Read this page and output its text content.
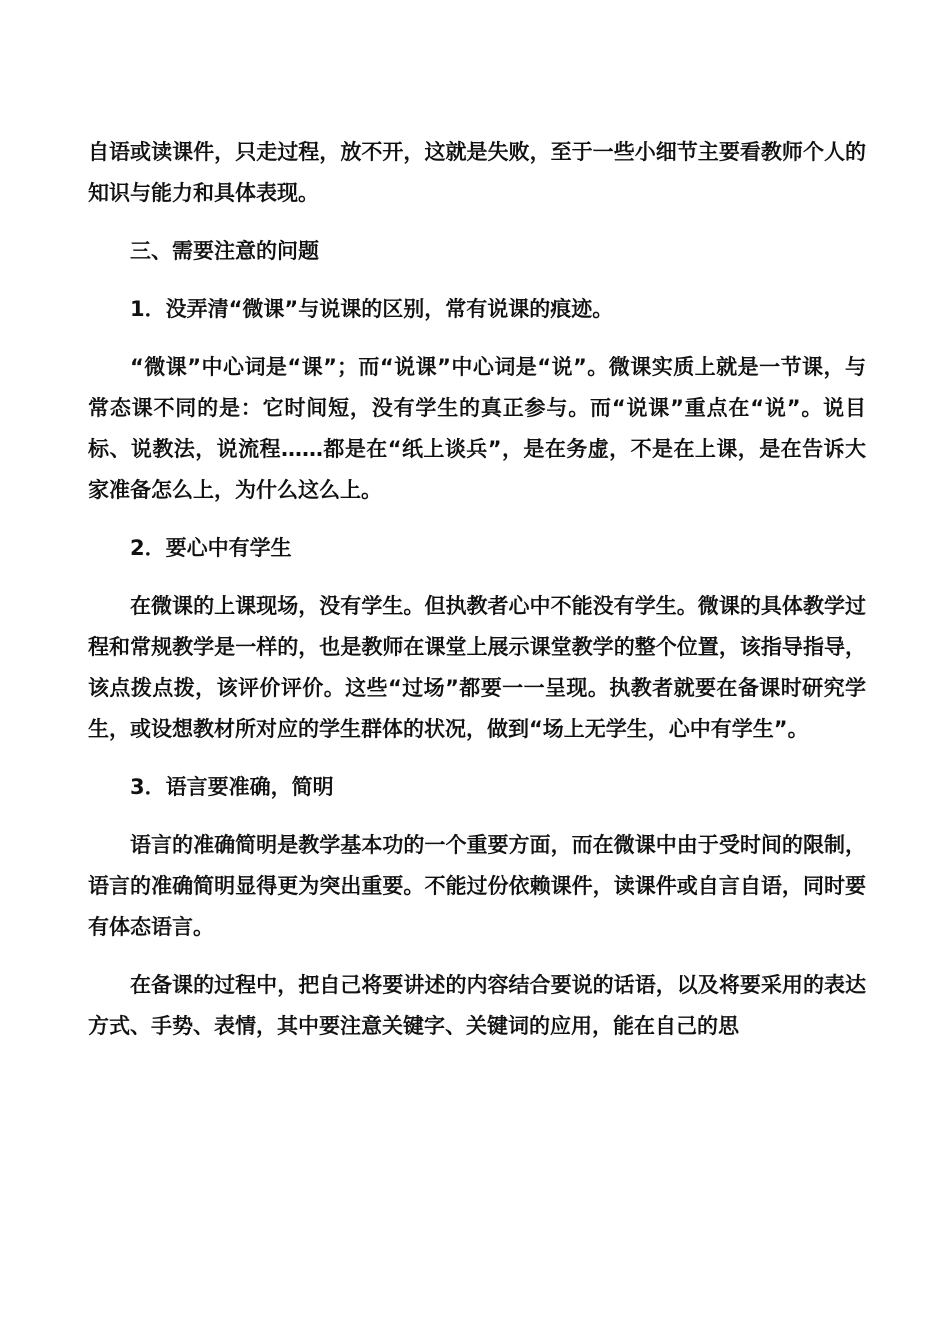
自语或读课件，只走过程，放不开，这就是失败，至于一些小细节主要看教师个人的知识与能力和具体表现。

三、需要注意的问题

1．没弄清“微课”与说课的区别，常有说课的痕迹。

“微课”中心词是“课”；而“说课”中心词是“说”。微课实质上就是一节课，与常态课不同的是：它时间短，没有学生的真正参与。而“说课”重点在“说”。说目标、说教法，说流程……都是在“纸上谈兵”，是在务虚，不是在上课，是在告诉大家准备怎么上，为什么这么上。

2．要心中有学生

在微课的上课现场，没有学生。但执教者心中不能没有学生。微课的具体教学过程和常规教学是一样的，也是教师在课堂上展示课堂教学的整个位置，该指导指导，该点拨点拨，该评价评价。这些“过场”都要一一呈现。执教者就要在备课时研究学生，或设想教材所对应的学生群体的状况，做到“场上无学生，心中有学生”。

3．语言要准确，简明

语言的准确简明是教学基本功的一个重要方面，而在微课中由于受时间的限制，语言的准确简明显得更为突出重要。不能过份依赖课件，读课件或自言自语，同时要有体态语言。

在备课的过程中，把自己将要讲述的内容结合要说的话语，以及将要采用的表达方式、手势、表情，其中要注意关键字、关键词的应用，能在自己的思
